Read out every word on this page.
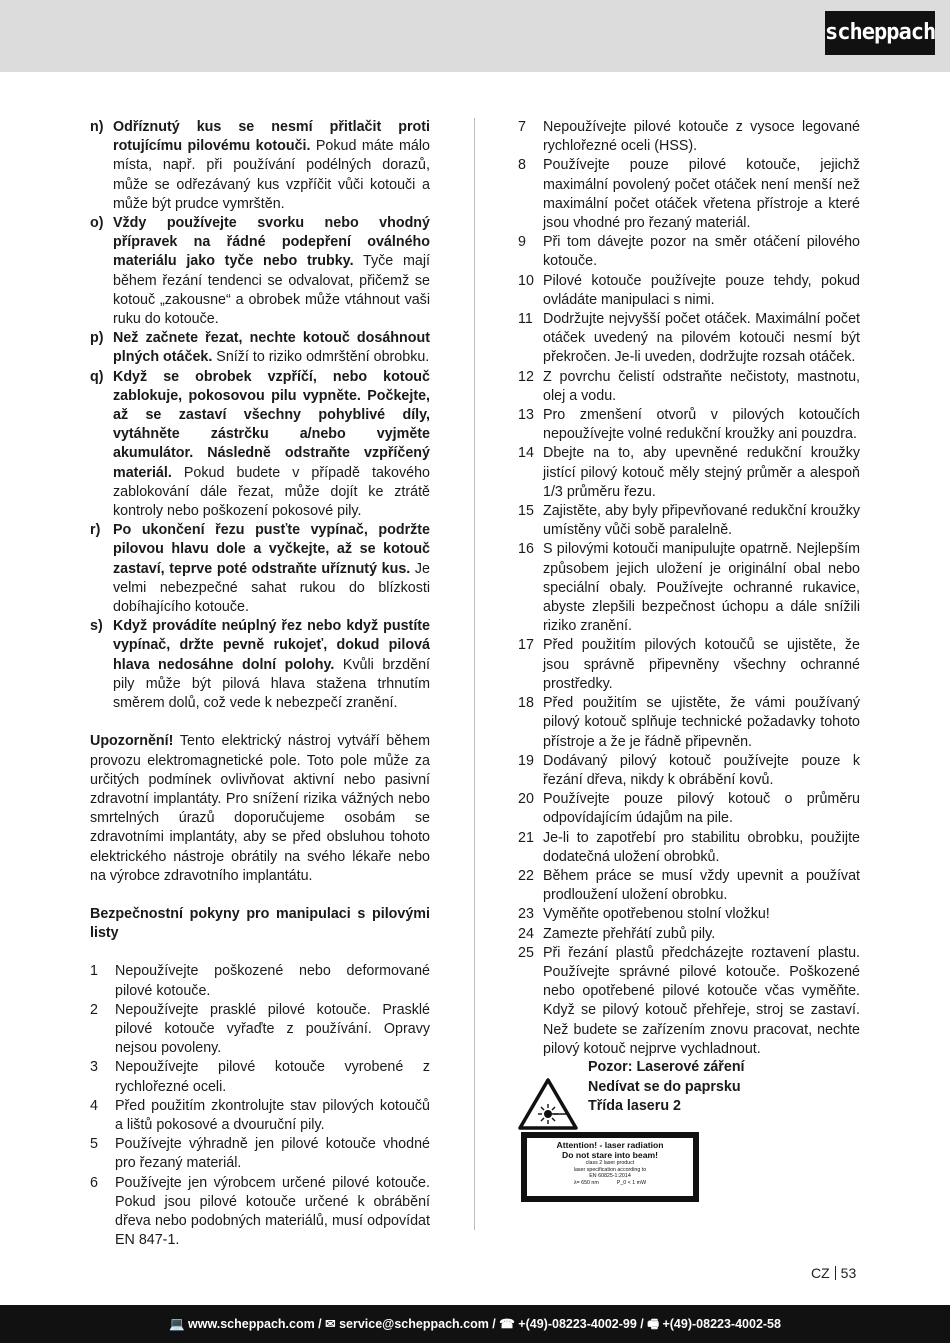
scheppach
n) Odříznutý kus se nesmí přitlačit proti rotujícímu pilovému kotouči. Pokud máte málo místa, např. při používání podélných dorazů, může se odřezávaný kus vzpříčit vůči kotouči a může být prudce vymrštěn.
o) Vždy používejte svorku nebo vhodný přípravek na řádné podepření oválného materiálu jako tyče nebo trubky. Tyče mají během řezání tendenci se odvalovat, přičemž se kotouč „zakousne“ a obrobek může vtáhnout vaši ruku do kotouče.
p) Než začnete řezat, nechte kotouč dosáhnout plných otáček. Sníží to riziko odmrštění obrobku.
q) Když se obrobek vzpříčí, nebo kotouč zablokuje, pokosovou pilu vypněte. Počkejte, až se zastaví všechny pohyblivé díly, vytáhněte zástrčku a/nebo vyjměte akumulátor. Následně odstraňte vzpříčený materiál. Pokud budete v případě takového zablokování dále řezat, může dojít ke ztrátě kontroly nebo poškození pokosové pily.
r) Po ukončení řezu pusťte vypínač, podržte pilovou hlavu dole a vyčkejte, až se kotouč zastaví, teprve poté odstraňte uříznutý kus. Je velmi nebezpečné sahat rukou do blízkosti dobíhajícího kotouče.
s) Když provádíte neúplný řez nebo když pustíte vypínač, držte pevně rukojeť, dokud pilová hlava nedosáhne dolní polohy. Kvůli brzdění pily může být pilová hlava stažena trhnutím směrem dolů, což vede k nebezpečí zranění.
Upozornění! Tento elektrický nástroj vytváří během provozu elektromagnetické pole. Toto pole může za určitých podmínek ovlivňovat aktivní nebo pasivní zdravotní implantáty. Pro snížení rizika vážných nebo smrtelných úrazů doporučujeme osobám se zdravotními implantáty, aby se před obsluhou tohoto elektrického nástroje obrátily na svého lékaře nebo na výrobce zdravotního implantátu.
Bezpečnostní pokyny pro manipulaci s pilovými listy
1	Nepoužívejte poškozené nebo deformované pilové kotouče.
2	Nepoužívejte prasklé pilové kotouče. Prasklé pilové kotouče vyřaďte z používání. Opravy nejsou povoleny.
3	Nepoužívejte pilové kotouče vyrobené z rychlořezné oceli.
4	Před použitím zkontrolujte stav pilových kotoučů a lištů pokosové a dvouruční pily.
5	Používejte výhradně jen pilové kotouče vhodné pro řezaný materiál.
6	Používejte jen výrobcem určené pilové kotouče. Pokud jsou pilové kotouče určené k obrábění dřeva nebo podobných materiálů, musí odpovídat EN 847-1.
7	Nepoužívejte pilové kotouče z vysoce legované rychlořezné oceli (HSS).
8	Používejte pouze pilové kotouče, jejichž maximální povolený počet otáček není menší než maximální počet otáček vřetena přístroje a které jsou vhodné pro řezaný materiál.
9	Při tom dávejte pozor na směr otáčení pilového kotouče.
10 Pilové kotouče používejte pouze tehdy, pokud ovládáte manipulaci s nimi.
11 Dodržujte nejvyšší počet otáček. Maximální počet otáček uvedený na pilovém kotouči nesmí být překročen. Je-li uveden, dodržujte rozsah otáček.
12 Z povrchu čelistí odstraňte nečistoty, mastnotu, olej a vodu.
13 Pro zmenšení otvorů v pilových kotoučích nepoužívejte volné redukční kroužky ani pouzdra.
14 Dbejte na to, aby upevněné redukční kroužky jistící pilový kotouč měly stejný průměr a alespoň 1/3 průměru řezu.
15 Zajistěte, aby byly připevňované redukční kroužky umístěny vůči sobě paralelně.
16 S pilovými kotouči manipulujte opatrně. Nejlepším způsobem jejich uložení je originální obal nebo speciální obaly. Používejte ochranné rukavice, abyste zlepšili bezpečnost úchopu a dále snížili riziko zranění.
17 Před použitím pilových kotoučů se ujistěte, že jsou správně připevněny všechny ochranné prostředky.
18 Před použitím se ujistěte, že vámi používaný pilový kotouč splňuje technické požadavky tohoto přístroje a že je řádně připevněn.
19 Dodávaný pilový kotouč používejte pouze k řezání dřeva, nikdy k obrábění kovů.
20 Používejte pouze pilový kotouč o průměru odpovídajícím údajům na pile.
21 Je-li to zapotřebí pro stabilitu obrobku, použijte dodatečná uložení obrobků.
22 Během práce se musí vždy upevnit a používat prodloužení uložení obrobku.
23 Vyměňte opotřebenou stolní vložku!
24 Zamezte přehřátí zubů pily.
25 Při řezání plastů předcházejte roztavení plastu. Používejte správné pilové kotouče. Poškozené nebo opotřebené pilové kotouče včas vyměňte. Když se pilový kotouč přehřeje, stroj se zastaví. Než budete se zařízením znovu pracovat, nechte pilový kotouč nejprve vychladnout.
Pozor: Laserové záření
Nedívat se do paprsku
Třída laseru 2
Attention! - laser radiation
Do not stare into beam!
class 2 laser product
laser specification according to
EN 60825-1:2014
λ= 650 nm	P_0 < 1 mW
CZ 53
💻 www.scheppach.com / ✉ service@scheppach.com / ☎ +(49)-08223-4002-99 / 🖷 +(49)-08223-4002-58
